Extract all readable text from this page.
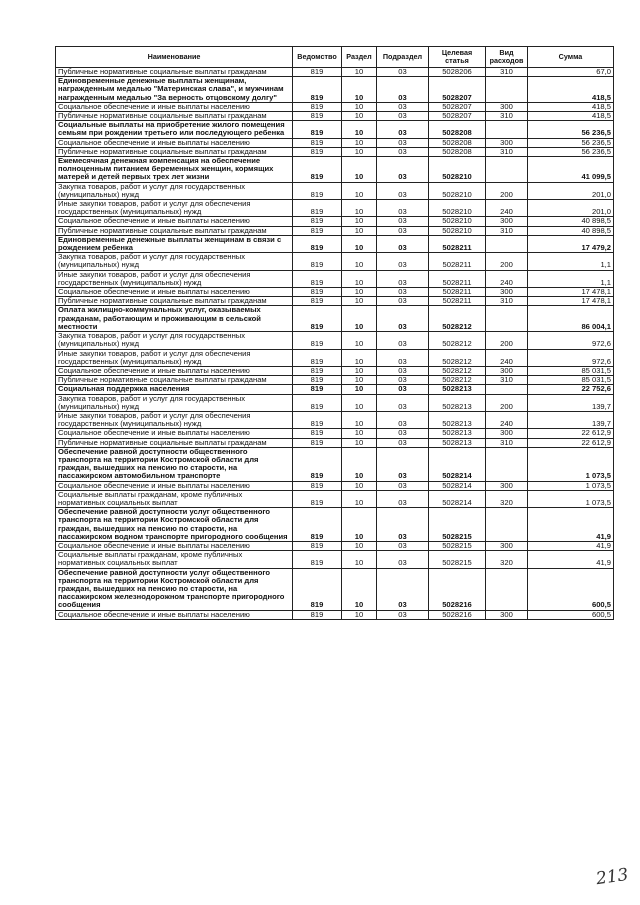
Наименование	Ведомство	Раздел	Подраздел	Целевая статья	Вид расходов	Сумма
Публичные нормативные социальные выплаты гражданам	819	10	03	5028206	310	67,0
Единовременные денежные выплаты женщинам, награжденным медалью "Материнская слава", и мужчинам награжденным медалью "За верность отцовскому долгу"	819	10	03	5028207		418,5
Социальное обеспечение и иные выплаты населению	819	10	03	5028207	300	418,5
Публичные нормативные социальные выплаты гражданам	819	10	03	5028207	310	418,5
Социальные выплаты на приобретение жилого помещения семьям при рождении третьего или последующего ребенка	819	10	03	5028208		56 236,5
Социальное обеспечение и иные выплаты населению	819	10	03	5028208	300	56 236,5
Публичные нормативные социальные выплаты гражданам	819	10	03	5028208	310	56 236,5
Ежемесячная денежная компенсация на обеспечение полноценным питанием беременных женщин, кормящих матерей и детей первых трех лет жизни	819	10	03	5028210		41 099,5
Закупка товаров, работ и услуг для государственных (муниципальных) нужд	819	10	03	5028210	200	201,0
Иные закупки товаров, работ и услуг для обеспечения государственных (муниципальных) нужд	819	10	03	5028210	240	201,0
Социальное обеспечение и иные выплаты населению	819	10	03	5028210	300	40 898,5
Публичные нормативные социальные выплаты гражданам	819	10	03	5028210	310	40 898,5
Единовременные денежные выплаты женщинам в связи с рождением ребенка	819	10	03	5028211		17 479,2
Закупка товаров, работ и услуг для государственных (муниципальных) нужд	819	10	03	5028211	200	1,1
Иные закупки товаров, работ и услуг для обеспечения государственных (муниципальных) нужд	819	10	03	5028211	240	1,1
Социальное обеспечение и иные выплаты населению	819	10	03	5028211	300	17 478,1
Публичные нормативные социальные выплаты гражданам	819	10	03	5028211	310	17 478,1
Оплата жилищно-коммунальных услуг, оказываемых гражданам, работающим и проживающим в сельской местности	819	10	03	5028212		86 004,1
Закупка товаров, работ и услуг для государственных (муниципальных) нужд	819	10	03	5028212	200	972,6
Иные закупки товаров, работ и услуг для обеспечения государственных (муниципальных) нужд	819	10	03	5028212	240	972,6
Социальное обеспечение и иные выплаты населению	819	10	03	5028212	300	85 031,5
Публичные нормативные социальные выплаты гражданам	819	10	03	5028212	310	85 031,5
Социальная поддержка населения	819	10	03	5028213		22 752,6
Закупка товаров, работ и услуг для государственных (муниципальных) нужд	819	10	03	5028213	200	139,7
Иные закупки товаров, работ и услуг для обеспечения государственных (муниципальных) нужд	819	10	03	5028213	240	139,7
Социальное обеспечение и иные выплаты населению	819	10	03	5028213	300	22 612,9
Публичные нормативные социальные выплаты гражданам	819	10	03	5028213	310	22 612,9
Обеспечение равной доступности общественного транспорта на территории Костромской области для граждан, вышедших на пенсию по старости, на пассажирском автомобильном транспорте	819	10	03	5028214		1 073,5
Социальное обеспечение и иные выплаты населению	819	10	03	5028214	300	1 073,5
Социальные выплаты гражданам, кроме публичных нормативных социальных выплат	819	10	03	5028214	320	1 073,5
Обеспечение равной доступности услуг общественного транспорта на территории Костромской области для граждан, вышедших на пенсию по старости, на пассажирском водном транспорте пригородного сообщения	819	10	03	5028215		41,9
Социальное обеспечение и иные выплаты населению	819	10	03	5028215	300	41,9
Социальные выплаты гражданам, кроме публичных нормативных социальных выплат	819	10	03	5028215	320	41,9
Обеспечение равной доступности услуг общественного транспорта на территории Костромской области для граждан, вышедших на пенсию по старости, на пассажирском железнодорожном транспорте пригородного сообщения	819	10	03	5028216		600,5
Социальное обеспечение и иные выплаты населению	819	10	03	5028216	300	600,5
213
